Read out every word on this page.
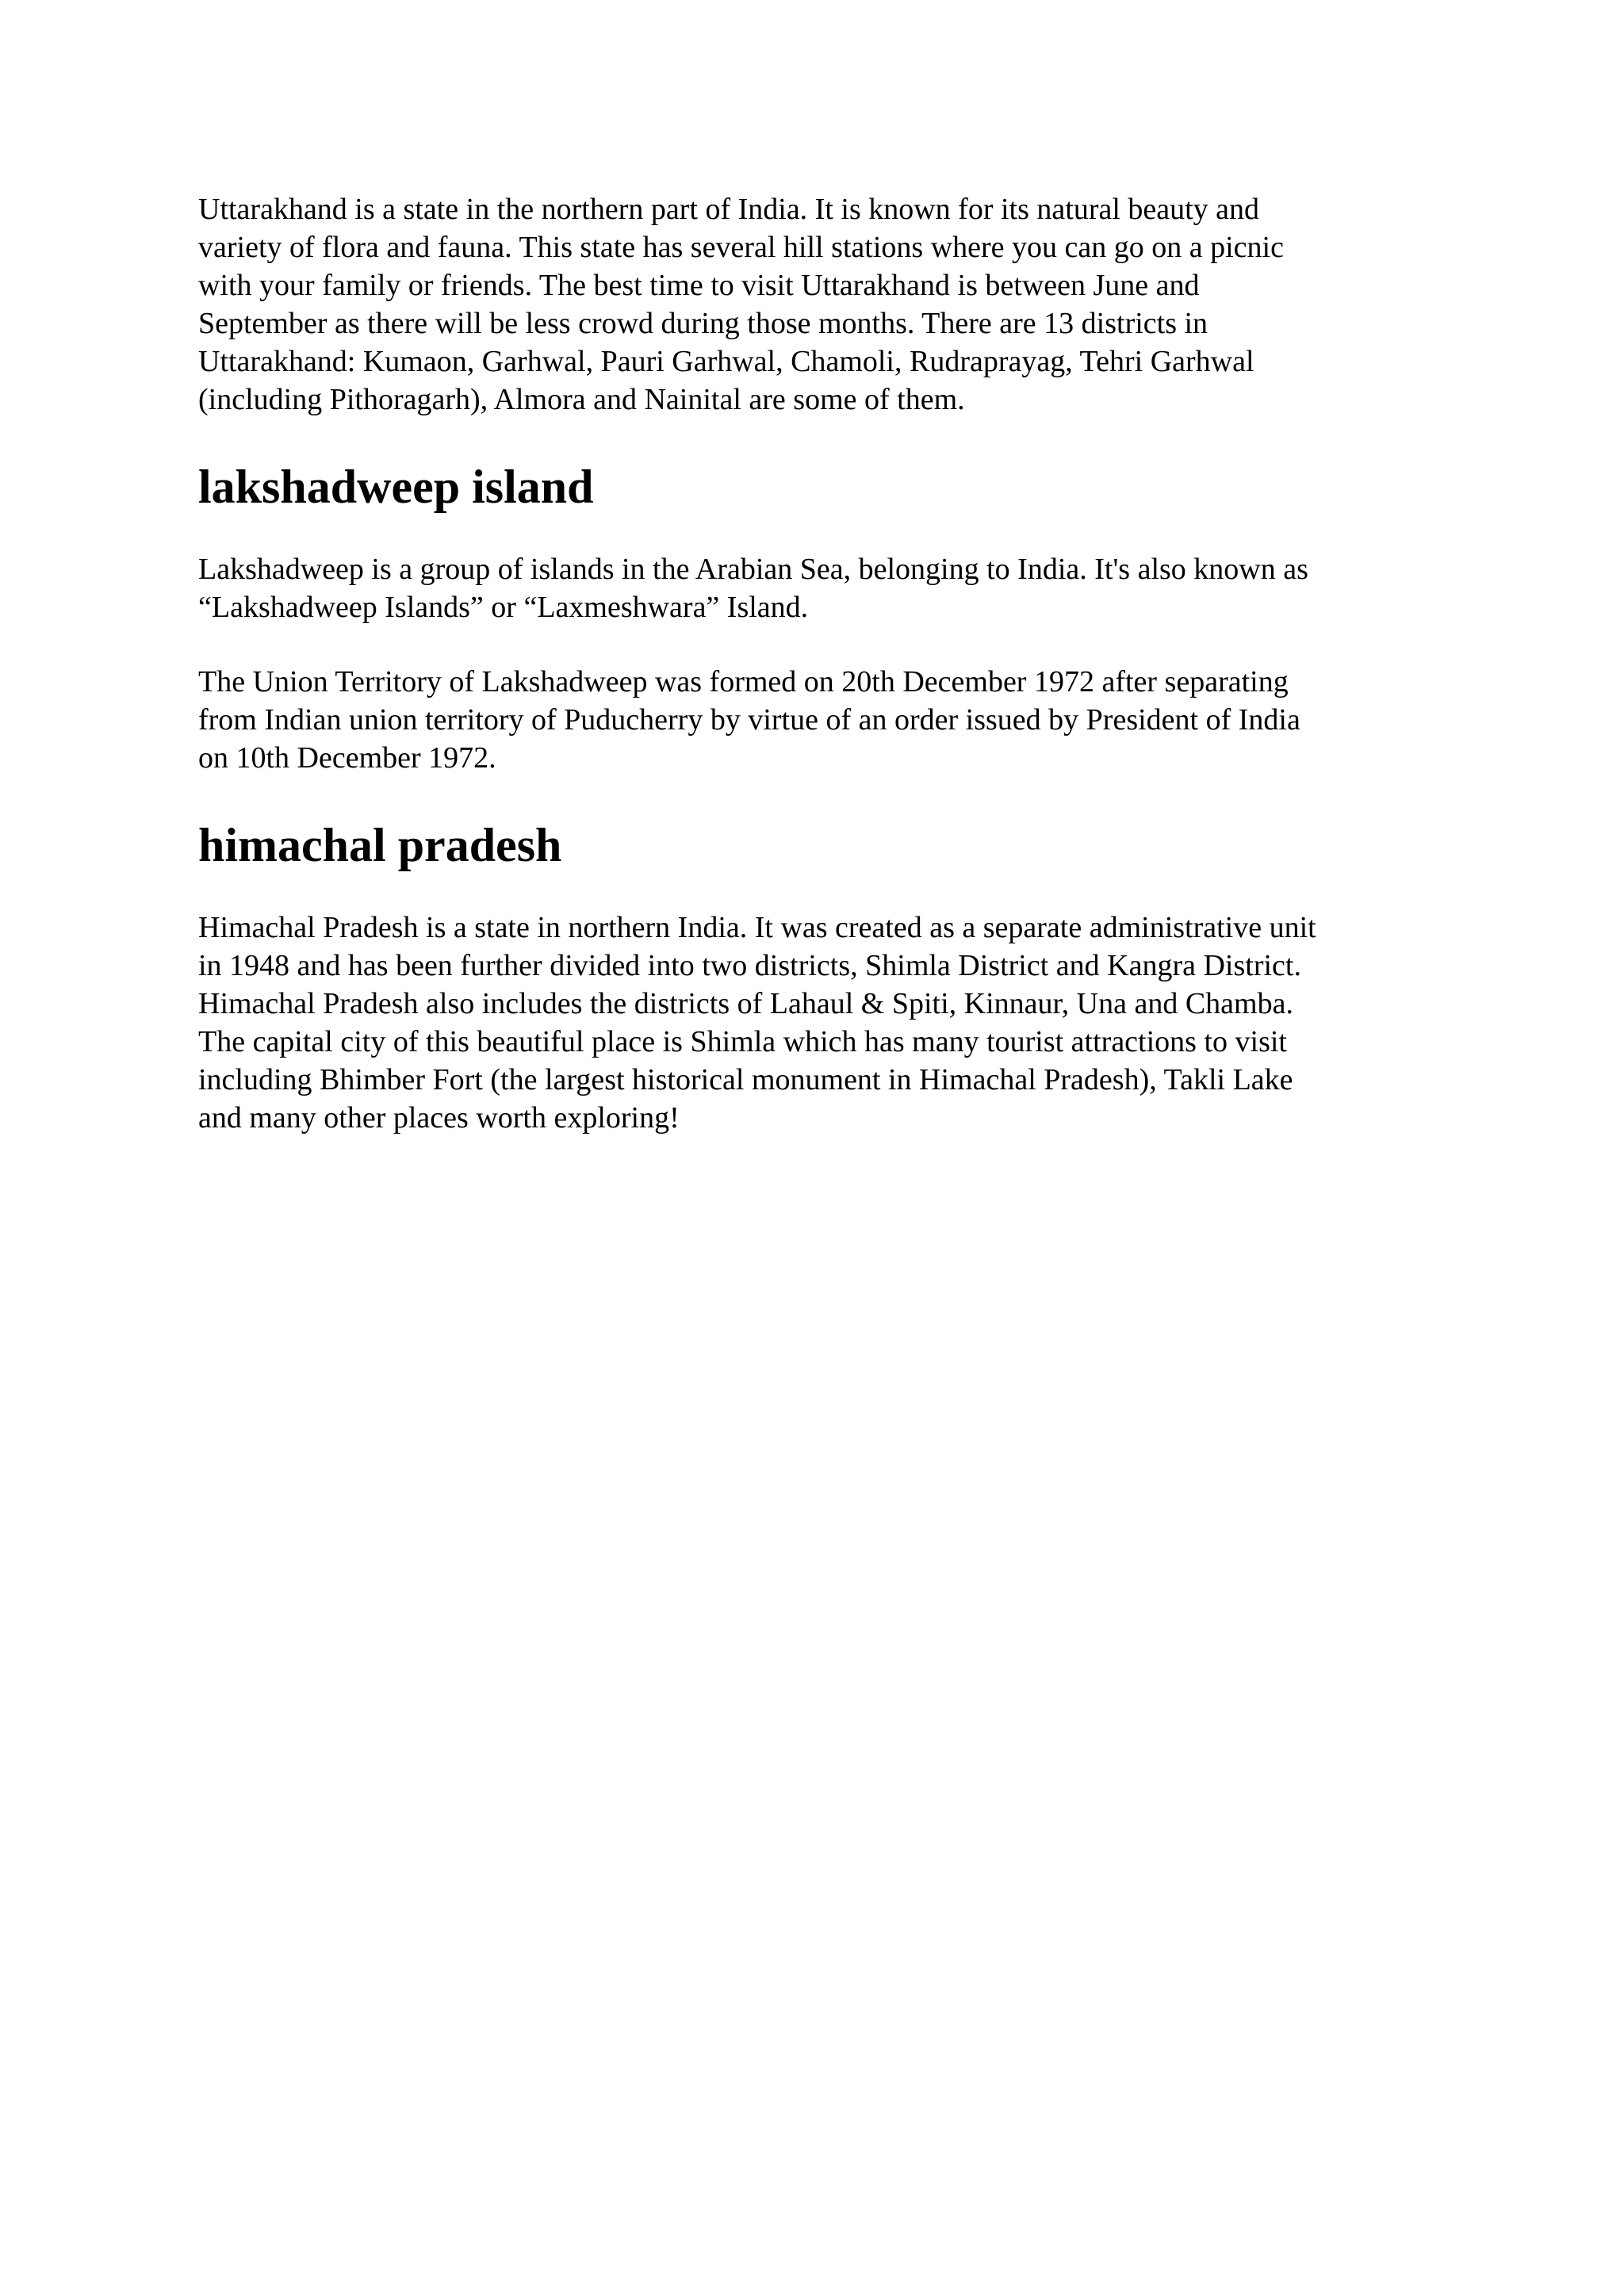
Uttarakhand is a state in the northern part of India. It is known for its natural beauty and
variety of flora and fauna. This state has several hill stations where you can go on a picnic
with your family or friends. The best time to visit Uttarakhand is between June and
September as there will be less crowd during those months. There are 13 districts in
Uttarakhand: Kumaon, Garhwal, Pauri Garhwal, Chamoli, Rudraprayag, Tehri Garhwal
(including Pithoragarh), Almora and Nainital are some of them.

lakshadweep island

Lakshadweep is a group of islands in the Arabian Sea, belonging to India. It's also known as
“Lakshadweep Islands” or “Laxmeshwara” Island.

The Union Territory of Lakshadweep was formed on 20th December 1972 after separating
from Indian union territory of Puducherry by virtue of an order issued by President of India
on 10th December 1972.

himachal pradesh

Himachal Pradesh is a state in northern India. It was created as a separate administrative unit
in 1948 and has been further divided into two districts, Shimla District and Kangra District.
Himachal Pradesh also includes the districts of Lahaul & Spiti, Kinnaur, Una and Chamba.
The capital city of this beautiful place is Shimla which has many tourist attractions to visit
including Bhimber Fort (the largest historical monument in Himachal Pradesh), Takli Lake
and many other places worth exploring!
